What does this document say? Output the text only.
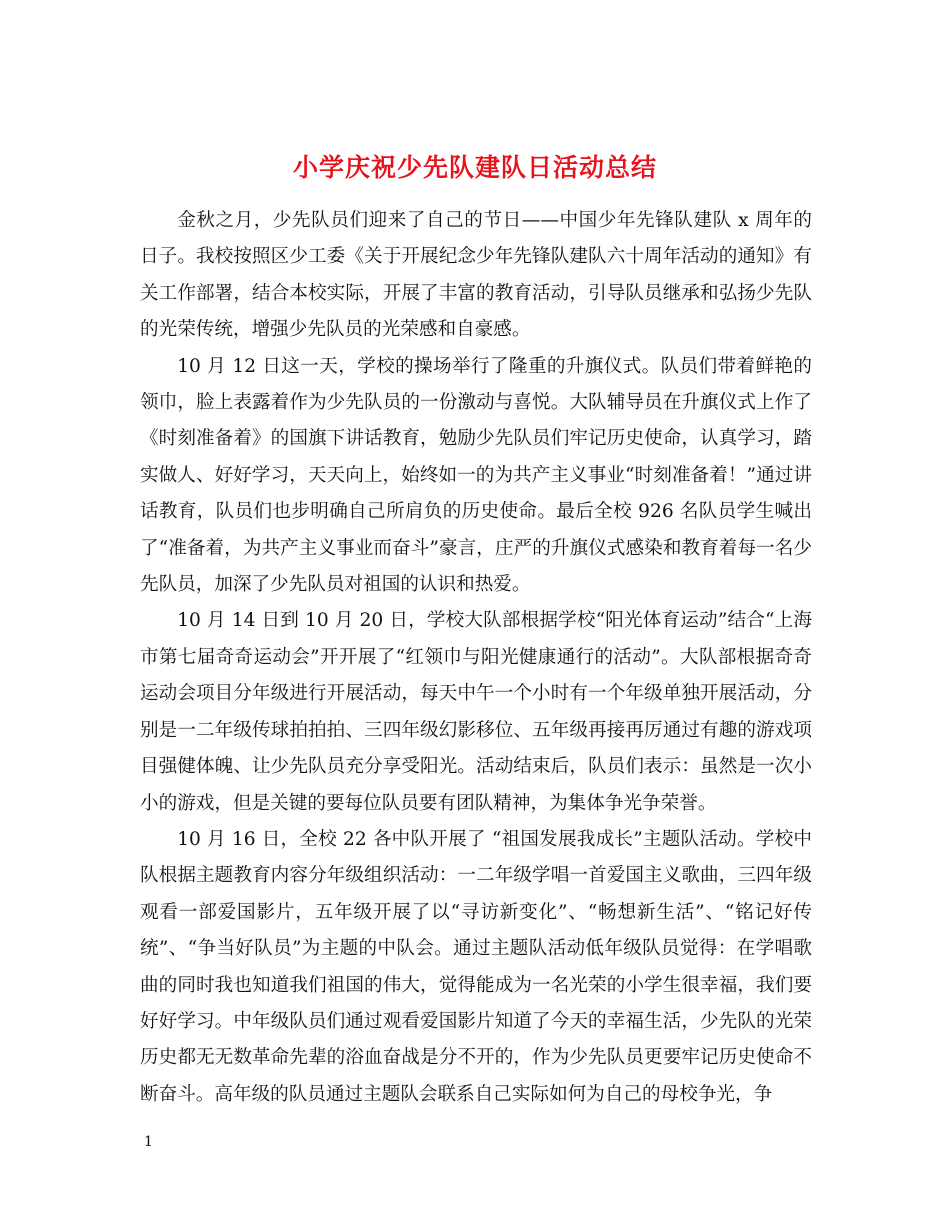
小学庆祝少先队建队日活动总结

金秋之月，少先队员们迎来了自己的节日——中国少年先锋队建队 x 周年的日子。我校按照区少工委《关于开展纪念少年先锋队建队六十周年活动的通知》有关工作部署，结合本校实际，开展了丰富的教育活动，引导队员继承和弘扬少先队的光荣传统，增强少先队员的光荣感和自豪感。

10 月 12 日这一天，学校的操场举行了隆重的升旗仪式。队员们带着鲜艳的领巾，脸上表露着作为少先队员的一份激动与喜悦。大队辅导员在升旗仪式上作了《时刻准备着》的国旗下讲话教育，勉励少先队员们牢记历史使命，认真学习，踏实做人、好好学习，天天向上，始终如一的为共产主义事业“时刻准备着！”通过讲话教育，队员们也步明确自己所肩负的历史使命。最后全校 926 名队员学生喊出了“准备着，为共产主义事业而奋斗”豪言，庄严的升旗仪式感染和教育着每一名少先队员，加深了少先队员对祖国的认识和热爱。

10 月 14 日到 10 月 20 日，学校大队部根据学校“阳光体育运动”结合“上海市第七届奇奇运动会”开开展了“红领巾与阳光健康通行的活动”。大队部根据奇奇运动会项目分年级进行开展活动，每天中午一个小时有一个年级单独开展活动，分别是一二年级传球拍拍拍、三四年级幻影移位、五年级再接再厉通过有趣的游戏项目强健体魄、让少先队员充分享受阳光。活动结束后，队员们表示：虽然是一次小小的游戏，但是关键的要每位队员要有团队精神，为集体争光争荣誉。

10 月 16 日，全校 22 各中队开展了 “祖国发展我成长”主题队活动。学校中队根据主题教育内容分年级组织活动：一二年级学唱一首爱国主义歌曲，三四年级观看一部爱国影片，五年级开展了以“寻访新变化”、“畅想新生活”、“铭记好传统”、“争当好队员”为主题的中队会。通过主题队活动低年级队员觉得：在学唱歌曲的同时我也知道我们祖国的伟大，觉得能成为一名光荣的小学生很幸福，我们要好好学习。中年级队员们通过观看爱国影片知道了今天的幸福生活，少先队的光荣历史都无无数革命先辈的浴血奋战是分不开的，作为少先队员更要牢记历史使命不断奋斗。高年级的队员通过主题队会联系自己实际如何为自己的母校争光，争

1
